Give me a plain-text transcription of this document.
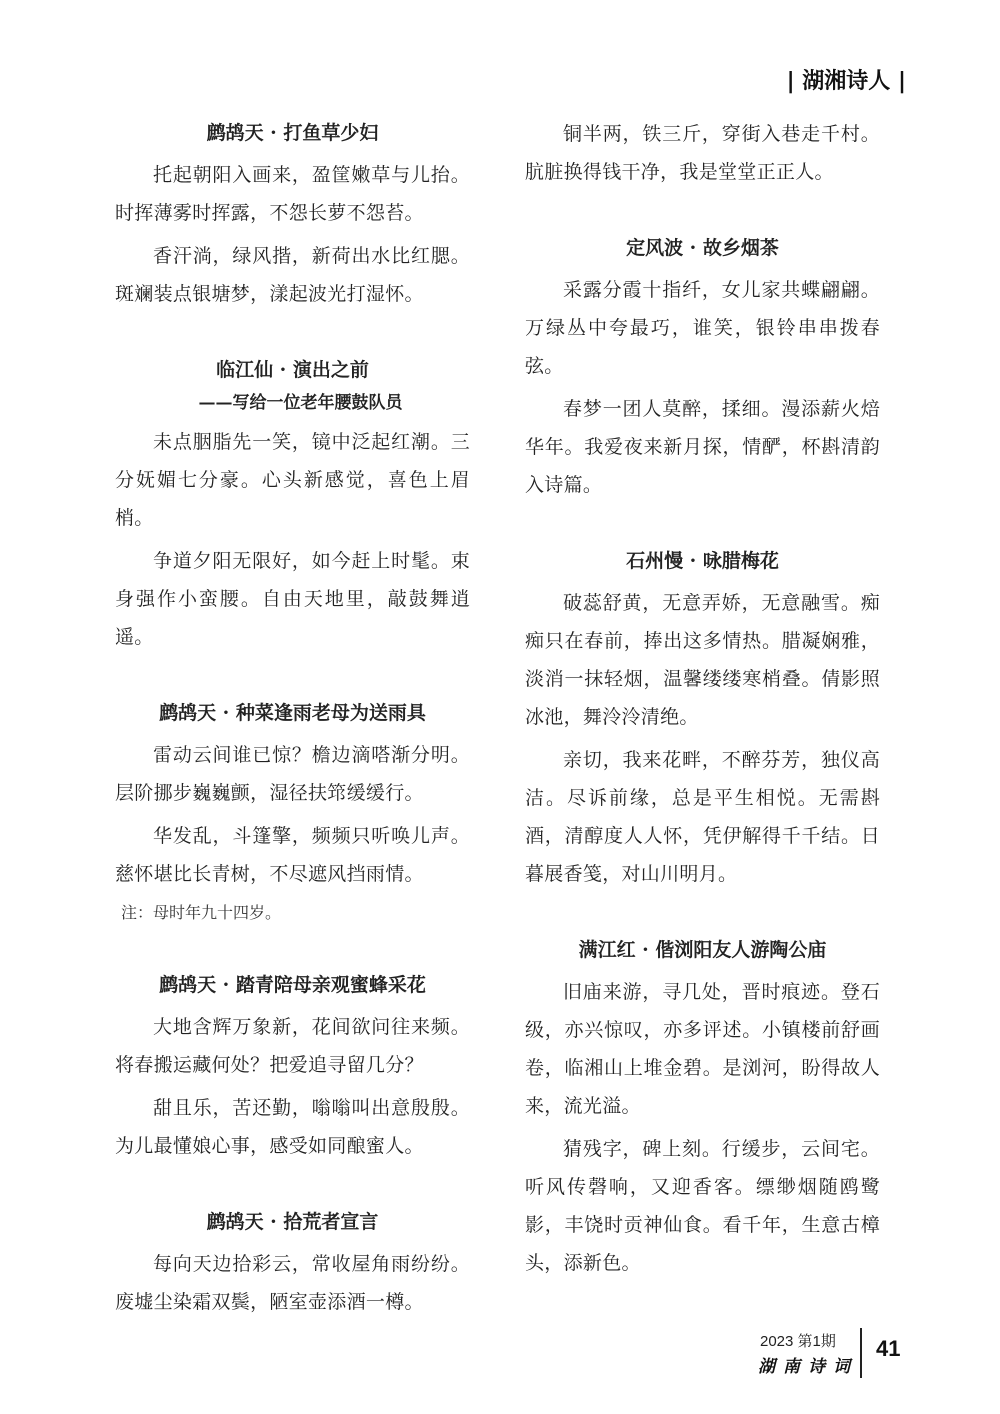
| 湖湘诗人 |
鹧鸪天 · 打鱼草少妇

托起朝阳入画来，盈筐嫩草与儿抬。时挥薄雾时挥露，不怨长萝不怨苔。

香汗淌，绿风揩，新荷出水比红腮。斑斓装点银塘梦，漾起波光打湿怀。

临江仙 · 演出之前
——写给一位老年腰鼓队员

未点胭脂先一笑，镜中泛起红潮。三分妩媚七分豪。心头新感觉，喜色上眉梢。

争道夕阳无限好，如今赶上时髦。束身强作小蛮腰。自由天地里，敲鼓舞逍遥。

鹧鸪天 · 种菜逢雨老母为送雨具

雷动云间谁已惊？檐边滴嗒渐分明。层阶挪步巍巍颤，湿径扶筇缓缓行。

华发乱，斗篷擎，频频只听唤儿声。慈怀堪比长青树，不尽遮风挡雨情。

注：母时年九十四岁。
鹧鸪天 · 踏青陪母亲观蜜蜂采花

大地含辉万象新，花间欲问往来频。将春搬运藏何处？把爱追寻留几分？

甜且乐，苦还勤，嗡嗡叫出意殷殷。为儿最懂娘心事，感受如同酿蜜人。

鹧鸪天 · 拾荒者宣言

每向天边拾彩云，常收屋角雨纷纷。废墟尘染霜双鬓，陋室壶添酒一樽。

铜半两，铁三斤，穿街入巷走千村。肮脏换得钱干净，我是堂堂正正人。

定风波 · 故乡烟茶

采露分霞十指纤，女儿家共蝶翩翩。万绿丛中夸最巧，谁笑，银铃串串拨春弦。

春梦一团人莫醉，揉细。漫添薪火焙华年。我爱夜来新月探，情酽，杯斟清韵入诗篇。

石州慢 · 咏腊梅花

破蕊舒黄，无意弄娇，无意融雪。痴痴只在春前，捧出这多情热。腊凝娴雅，淡消一抹轻烟，温馨缕缕寒梢叠。倩影照冰池，舞泠泠清绝。

亲切，我来花畔，不醉芬芳，独仪高洁。尽诉前缘，总是平生相悦。无需斟酒，清醇度人人怀，凭伊解得千千结。日暮展香笺，对山川明月。

满江红 · 偕浏阳友人游陶公庙

旧庙来游，寻几处，晋时痕迹。登石级，亦兴惊叹，亦多评述。小镇楼前舒画卷，临湘山上堆金碧。是浏河，盼得故人来，流光溢。

猜残字，碑上刻。行缓步，云间宅。听风传磬响，又迎香客。缥缈烟随鸥鹭影，丰饶时贡神仙食。看千年，生意古樟头，添新色。

2023 第1期
湖南诗词
41
